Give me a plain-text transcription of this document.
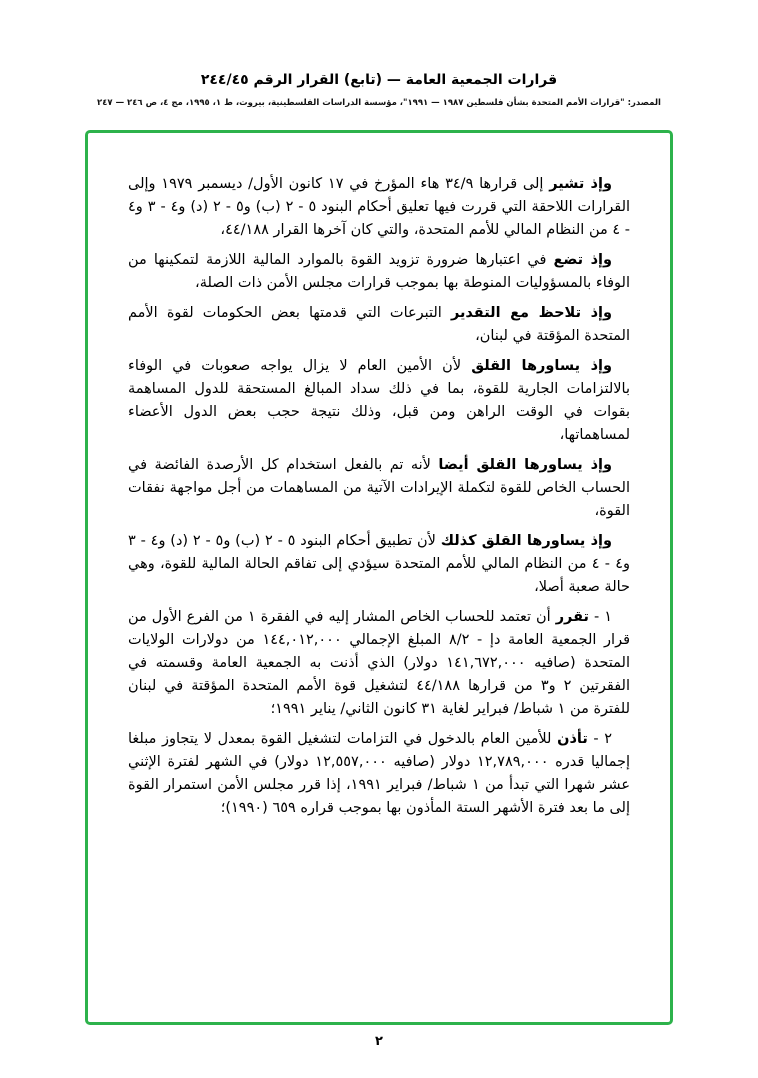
قرارات الجمعية العامة — (تابع) القرار الرقم ٢٤٤/٤٥
المصدر: "قرارات الأمم المتحدة بشأن فلسطين ١٩٨٧ — ١٩٩١"، مؤسسة الدراسات الفلسطينية، بيروت، ط ١، ١٩٩٥، مج ٤، ص ٢٤٦ — ٢٤٧

وإذ تشير إلى قرارها ٣٤/٩ هاء المؤرخ في ١٧ كانون الأول/ ديسمبر ١٩٧٩ وإلى القرارات اللاحقة التي قررت فيها تعليق أحكام البنود ٥ - ٢ (ب) و٥ - ٢ (د) و٤ - ٣ و٤ - ٤ من النظام المالي للأمم المتحدة، والتي كان آخرها القرار ٤٤/١٨٨،

وإذ تضع في اعتبارها ضرورة تزويد القوة بالموارد المالية اللازمة لتمكينها من الوفاء بالمسؤوليات المنوطة بها بموجب قرارات مجلس الأمن ذات الصلة،

وإذ تلاحظ مع التقدير التبرعات التي قدمتها بعض الحكومات لقوة الأمم المتحدة المؤقتة في لبنان،

وإذ يساورها القلق لأن الأمين العام لا يزال يواجه صعوبات في الوفاء بالالتزامات الجارية للقوة، بما في ذلك سداد المبالغ المستحقة للدول المساهمة بقوات في الوقت الراهن ومن قبل، وذلك نتيجة حجب بعض الدول الأعضاء لمساهماتها،

وإذ يساورها القلق أيضا لأنه تم بالفعل استخدام كل الأرصدة الفائضة في الحساب الخاص للقوة لتكملة الإيرادات الآتية من المساهمات من أجل مواجهة نفقات القوة،

وإذ يساورها القلق كذلك لأن تطبيق أحكام البنود ٥ - ٢ (ب) و٥ - ٢ (د) و٤ - ٣ و٤ - ٤ من النظام المالي للأمم المتحدة سيؤدي إلى تفاقم الحالة المالية للقوة، وهي حالة صعبة أصلا،

١ - تقرر أن تعتمد للحساب الخاص المشار إليه في الفقرة ١ من الفرع الأول من قرار الجمعية العامة دإ - ٨/٢ المبلغ الإجمالي ١٤٤,٠١٢,٠٠٠ من دولارات الولايات المتحدة (صافيه ١٤١,٦٧٢,٠٠٠ دولار) الذي أذنت به الجمعية العامة وقسمته في الفقرتين ٢ و٣ من قرارها ٤٤/١٨٨ لتشغيل قوة الأمم المتحدة المؤقتة في لبنان للفترة من ١ شباط/ فبراير لغاية ٣١ كانون الثاني/ يناير ١٩٩١؛

٢ - تأذن للأمين العام بالدخول في التزامات لتشغيل القوة بمعدل لا يتجاوز مبلغا إجماليا قدره ١٢,٧٨٩,٠٠٠ دولار (صافيه ١٢,٥٥٧,٠٠٠ دولار) في الشهر لفترة الإثني عشر شهرا التي تبدأ من ١ شباط/ فبراير ١٩٩١، إذا قرر مجلس الأمن استمرار القوة إلى ما بعد فترة الأشهر الستة المأذون بها بموجب قراره ٦٥٩ (١٩٩٠)؛

٢
